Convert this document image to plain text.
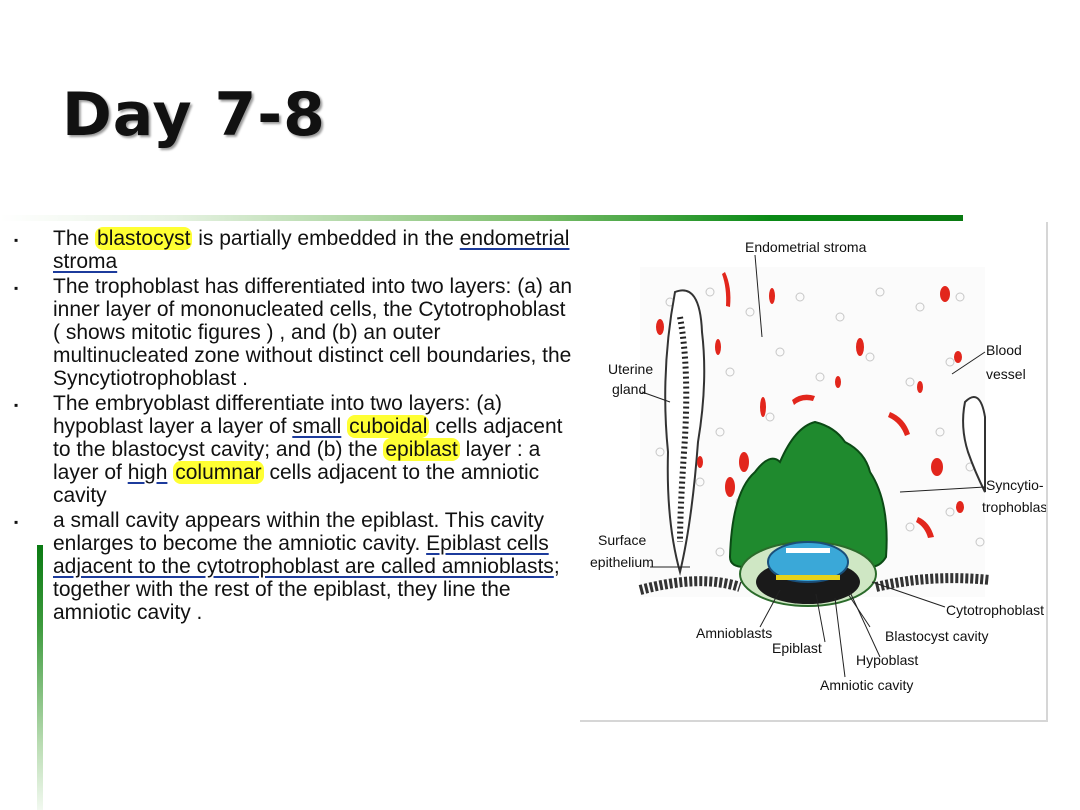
Day 7-8
▪ The blastocyst is partially embedded in the endometrial stroma
▪ The trophoblast has differentiated into two layers: (a) an inner layer of mononucleated cells, the Cytotrophoblast ( shows mitotic figures ) , and (b) an outer multinucleated zone without distinct cell boundaries, the Syncytiotrophoblast .
▪ The embryoblast differentiate into two layers: (a) hypoblast layer a layer of small cuboidal cells adjacent to the blastocyst cavity; and (b) the epiblast layer : a layer of high columnar cells adjacent to the amniotic cavity
▪ a small cavity appears within the epiblast. This cavity enlarges to become the amniotic cavity. Epiblast cells adjacent to the cytotrophoblast are called amnioblasts; together with the rest of the epiblast, they line the amniotic cavity .
Endometrial stroma
Uterine
gland
Blood
vessel
Syncytio-
trophoblast
Surface
epithelium
Cytotrophoblast
Amnioblasts	Blastocyst cavity
Epiblast
Hypoblast
Amniotic cavity
